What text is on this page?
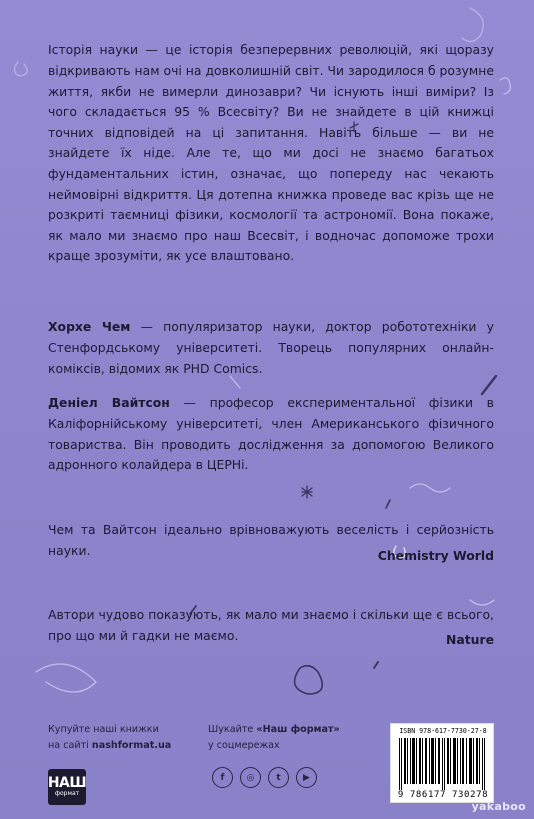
Історія науки — це історія безперервних революцій, які щоразу відкривають нам очі на довколишній світ. Чи зародилося б розумне життя, якби не вимерли динозаври? Чи існують інші виміри? Із чого складається 95 % Всесвіту? Ви не знайдете в цій книжці точних відповідей на ці запитання. Навіть більше — ви не знайдете їх ніде. Але те, що ми досі не знаємо багатьох фундаментальних істин, означає, що попереду нас чекають неймовірні відкриття. Ця дотепна книжка проведе вас крізь ще не розкриті таємниці фізики, космології та астрономії. Вона покаже, як мало ми знаємо про наш Всесвіт, і водночас допоможе трохи краще зрозуміти, як усе влаштовано.

Хорхе Чем — популяризатор науки, доктор робототехніки у Стенфордському університеті. Творець популярних онлайн-коміксів, відомих як PHD Comics.

Деніел Вайтсон — професор експериментальної фізики в Каліфорнійському університеті, член Американського фізичного товариства. Він проводить дослідження за допомогою Великого адронного колайдера в ЦЕРНі.

Чем та Вайтсон ідеально врівноважують веселість і серйозність науки.	Chemistry World

Автори чудово показують, як мало ми знаємо і скільки ще є всього, про що ми й гадки не маємо.	Nature
Купуйте наші книжки
на сайті nashformat.ua
Шукайте «Наш формат»
у соцмережах
НАШ
формат
f	◎	t	▶
ISBN 978-617-7730-27-8
9 786177 730278
yakaboo
